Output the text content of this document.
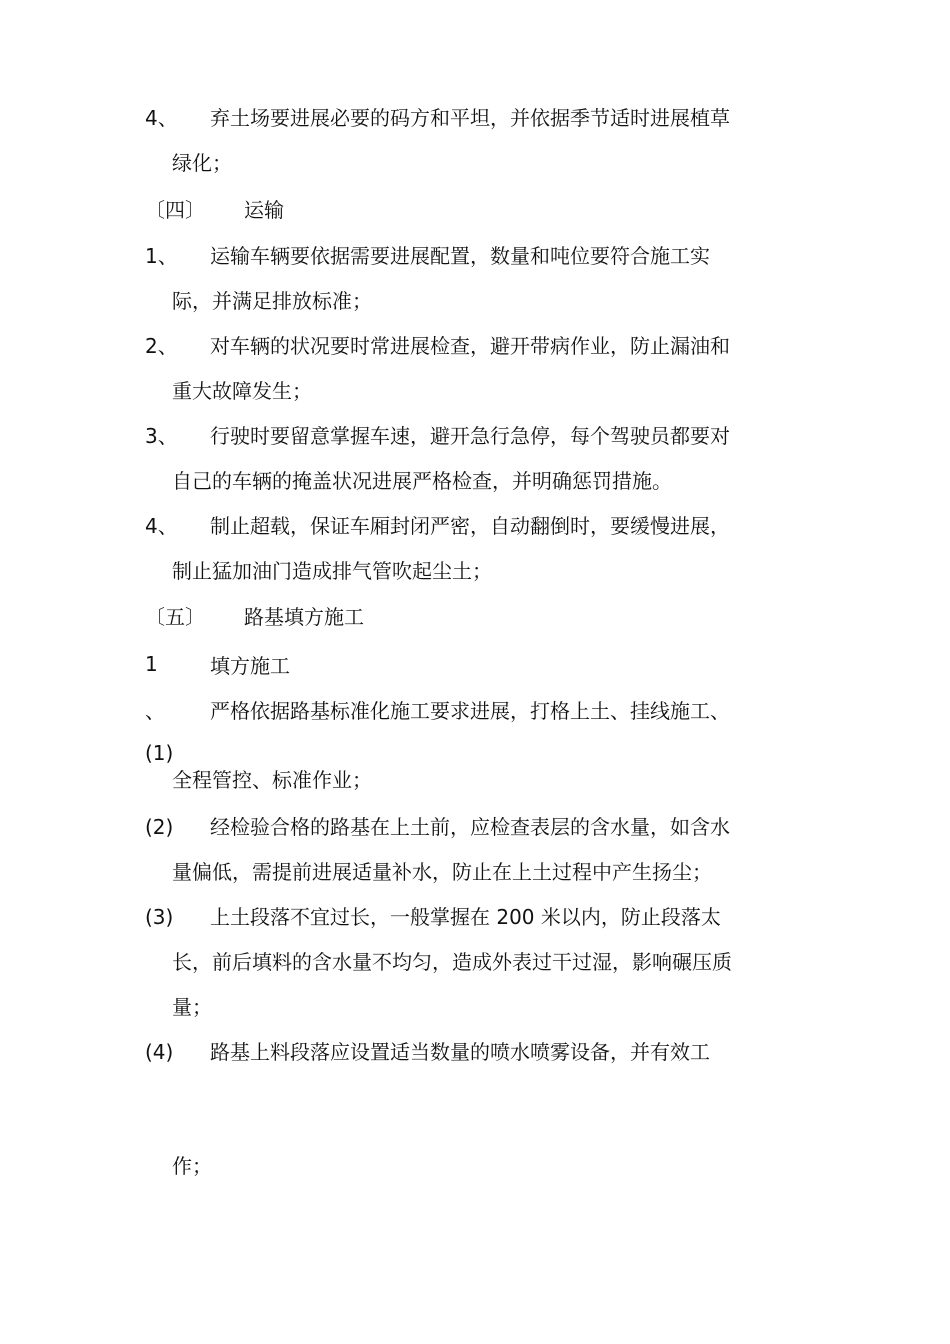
4、 弃土场要进展必要的码方和平坦，并依据季节适时进展植草
绿化；
〔四〕 运输
1、 运输车辆要依据需要进展配置，数量和吨位要符合施工实
际，并满足排放标准；
2、 对车辆的状况要时常进展检查，避开带病作业，防止漏油和
重大故障发生；
3、 行驶时要留意掌握车速，避开急行急停，每个驾驶员都要对
自己的车辆的掩盖状况进展严格检查，并明确惩罚措施。
4、 制止超载，保证车厢封闭严密，自动翻倒时，要缓慢进展，
制止猛加油门造成排气管吹起尘土；
〔五〕 路基填方施工
1	填方施工
、 严格依据路基标准化施工要求进展，打格上土、挂线施工、
(1)
全程管控、标准作业；
(2) 经检验合格的路基在上土前，应检查表层的含水量，如含水
量偏低，需提前进展适量补水，防止在上土过程中产生扬尘；
(3) 上土段落不宜过长，一般掌握在 200 米以内，防止段落太
长，前后填料的含水量不均匀，造成外表过干过湿，影响碾压质
量；
(4) 路基上料段落应设置适当数量的喷水喷雾设备，并有效工
作；
